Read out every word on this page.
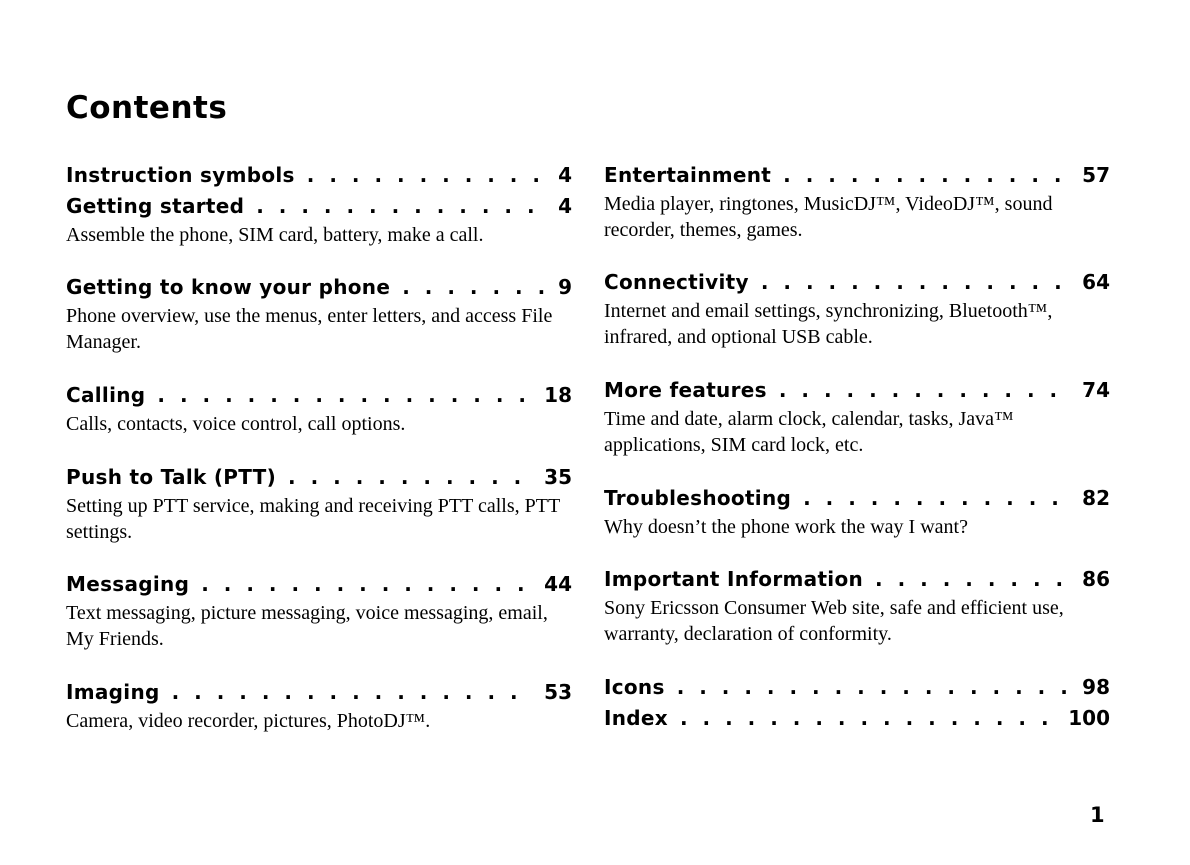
Contents
Instruction symbols . . .	4
Getting started . . .	4
Assemble the phone, SIM card, battery, make a call.
Getting to know your phone . . .	9
Phone overview, use the menus, enter letters, and access File Manager.
Calling . . .	18
Calls, contacts, voice control, call options.
Push to Talk (PTT) . . .	35
Setting up PTT service, making and receiving PTT calls, PTT settings.
Messaging . . .	44
Text messaging, picture messaging, voice messaging, email, My Friends.
Imaging . . .	53
Camera, video recorder, pictures, PhotoDJ™.
Entertainment . . .	57
Media player, ringtones, MusicDJ™, VideoDJ™, sound recorder, themes, games.
Connectivity . . .	64
Internet and email settings, synchronizing, Bluetooth™, infrared, and optional USB cable.
More features . . .	74
Time and date, alarm clock, calendar, tasks, Java™ applications, SIM card lock, etc.
Troubleshooting . . .	82
Why doesn’t the phone work the way I want?
Important Information . . .	86
Sony Ericsson Consumer Web site, safe and efficient use, warranty, declaration of conformity.
Icons . . .	98
Index . . .	100
1
